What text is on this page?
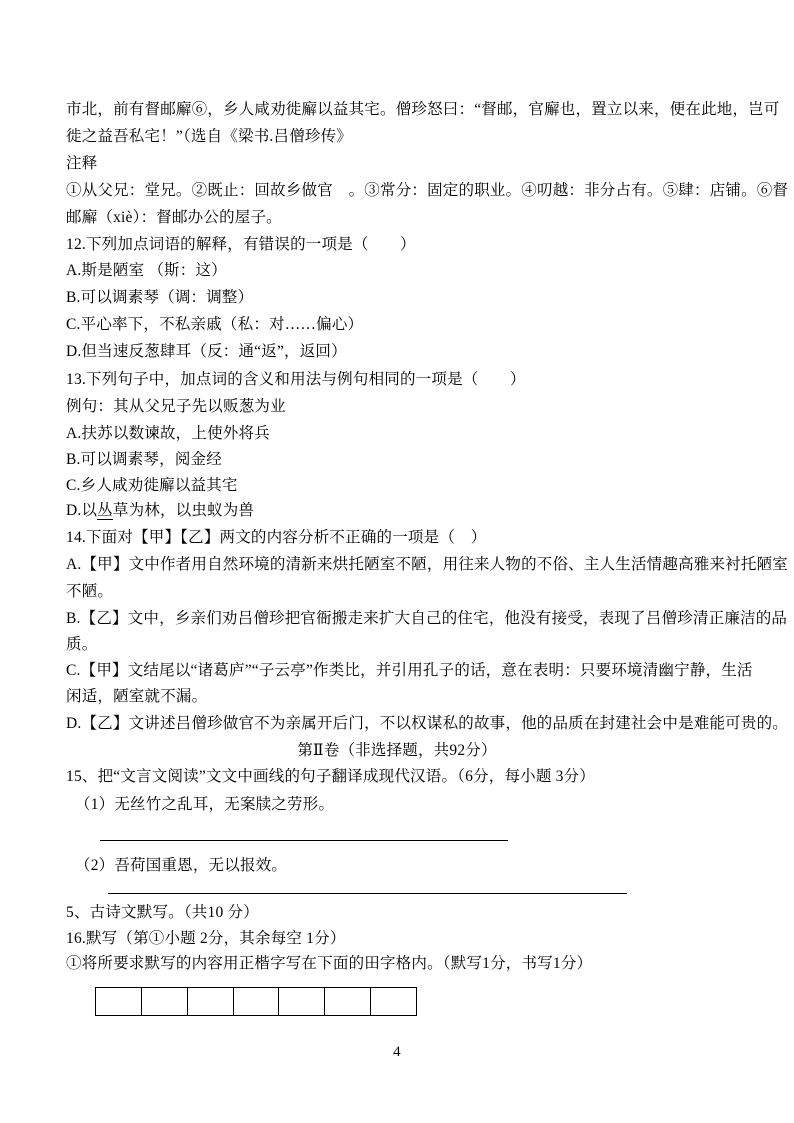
市北，前有督邮廨⑥，乡人咸劝徙廨以益其宅。僧珍怒曰：“督邮，官廨也，置立以来，便在此地，岂可
徙之益吾私宅！”（选自《梁书.吕僧珍传》
注释
①从父兄：堂兄。②既止：回故乡做官　。③常分：固定的职业。④叨越：非分占有。⑤肆：店铺。⑥督
邮廨（xiè）：督邮办公的屋子。
12.下列加点词语的解释，有错误的一项是（　　）
A.斯是陋室 （斯：这）
B.可以调素琴（调：调整）
C.平心率下，不私亲戚（私：对……偏心）
D.但当速反葱肆耳（反：通“返”，返回）
13.下列句子中，加点词的含义和用法与例句相同的一项是（　　）
例句：其从父兄子先以贩葱为业
A.扶苏以数谏故，上使外将兵
B.可以调素琴，阅金经
C.乡人咸劝徙廨以益其宅
D.以丛草为林，以虫蚁为兽
14.下面对【甲】【乙】两文的内容分析不正确的一项是（　）
A.【甲】文中作者用自然环境的清新来烘托陋室不陋，用往来人物的不俗、主人生活情趣高雅来衬托陋室
不陋。
B.【乙】文中，乡亲们劝吕僧珍把官衙搬走来扩大自己的住宅，他没有接受，表现了吕僧珍清正廉洁的品
质。
C.【甲】文结尾以“诸葛庐”“子云亭”作类比，并引用孔子的话，意在表明：只要环境清幽宁静，生活
闲适，陋室就不漏。
D.【乙】文讲述吕僧珍做官不为亲属开后门，不以权谋私的故事，他的品质在封建社会中是难能可贵的。
第Ⅱ卷（非选择题，共92分）
15、把“文言文阅读”文文中画线的句子翻译成现代汉语。（6分，每小题 3分）
（1）无丝竹之乱耳，无案牍之劳形。
（2）吾荷国重恩，无以报效。
5、古诗文默写。（共10 分）
16.默写（第①小题 2分，其余每空 1分）
①将所要求默写的内容用正楷字写在下面的田字格内。（默写1分，书写1分）
4
